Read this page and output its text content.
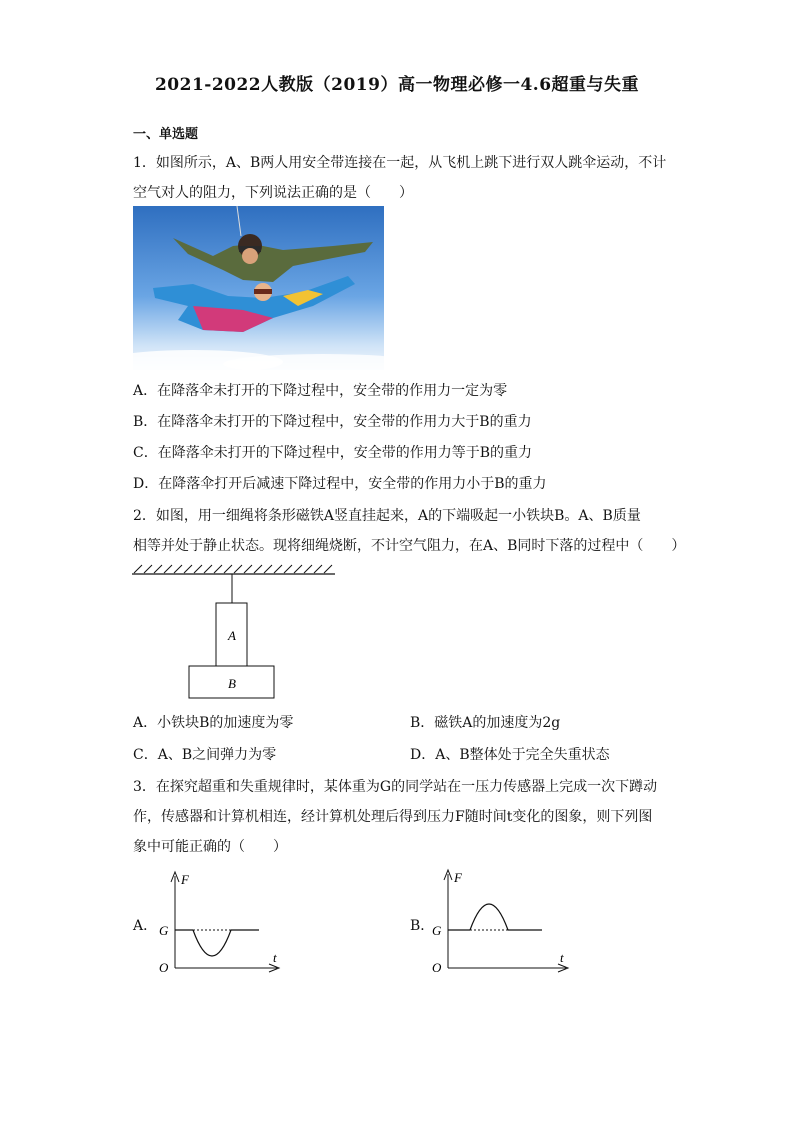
2021-2022人教版（2019）高一物理必修一4.6超重与失重
一、单选题
1．如图所示，A、B两人用安全带连接在一起，从飞机上跳下进行双人跳伞运动，不计
空气对人的阻力，下列说法正确的是（　　）
A．在降落伞未打开的下降过程中，安全带的作用力一定为零
B．在降落伞未打开的下降过程中，安全带的作用力大于B的重力
C．在降落伞未打开的下降过程中，安全带的作用力等于B的重力
D．在降落伞打开后减速下降过程中，安全带的作用力小于B的重力
2．如图，用一细绳将条形磁铁A竖直挂起来，A的下端吸起一小铁块B。A、B质量
相等并处于静止状态。现将细绳烧断，不计空气阻力，在A、B同时下落的过程中（　　）
A
B
A．小铁块B的加速度为零	B．磁铁A的加速度为2g
C．A、B之间弹力为零	D．A、B整体处于完全失重状态
3．在探究超重和失重规律时，某体重为G的同学站在一压力传感器上完成一次下蹲动
作，传感器和计算机相连，经计算机处理后得到压力F随时间t变化的图象，则下列图
象中可能正确的（　　）
A．
F
t
O
G	B．
F
t
O
G
